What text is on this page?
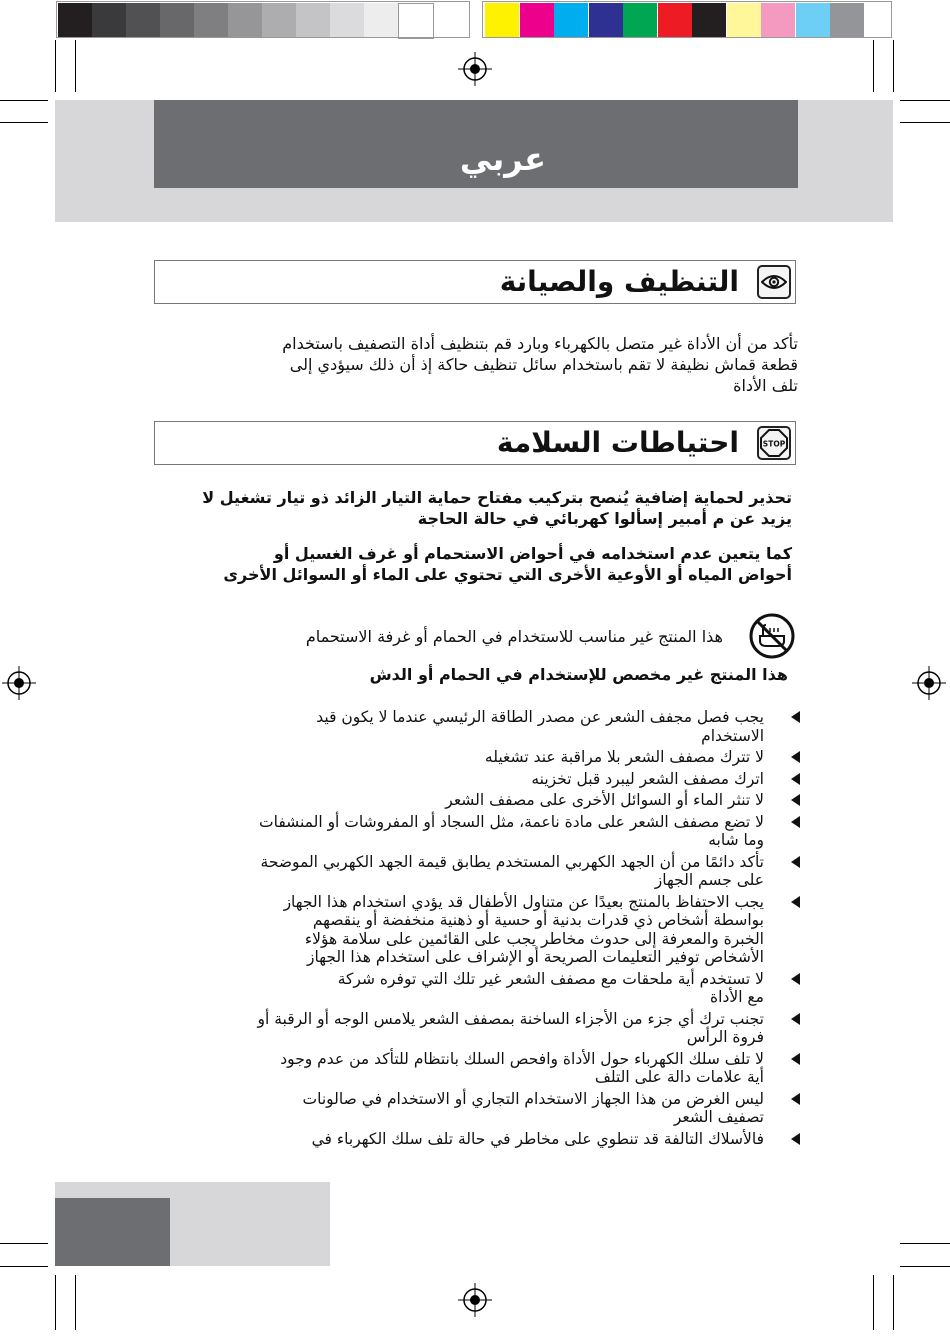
عربي
التنظيف والصيانة
تأكد من أن الأداة غير متصل بالكهرباء وبارد قم بتنظيف أداة التصفيف باستخدام
قطعة قماش نظيفة لا تقم باستخدام سائل تنظيف حاكة إذ أن ذلك سيؤدي إلى
تلف الأداة
STOP
احتياطات السلامة
تحذير لحماية إضافية يُنصح بتركيب مفتاح حماية التيار الزائد ذو تيار تشغيل لا
يزيد عن م أمبير إسألوا كهربائي في حالة الحاجة
كما يتعين عدم استخدامه في أحواض الاستحمام أو غرف الغسيل أو
أحواض المياه أو الأوعية الأخرى التي تحتوي على الماء أو السوائل الأخرى
هذا المنتج غير مناسب للاستخدام في الحمام أو غرفة الاستحمام
هذا المنتج غير مخصص للإستخدام في الحمام أو الدش
يجب فصل مجفف الشعر عن مصدر الطاقة الرئيسي عندما لا يكون قيد
الاستخدام
لا تترك مصفف الشعر بلا مراقبة عند تشغيله
اترك مصفف الشعر ليبرد قبل تخزينه
لا تنثر الماء أو السوائل الأخرى على مصفف الشعر
لا تضع مصفف الشعر على مادة ناعمة، مثل السجاد أو المفروشات أو المنشفات
وما شابه
تأكد دائمًا من أن الجهد الكهربي المستخدم يطابق قيمة الجهد الكهربي الموضحة
على جسم الجهاز
يجب الاحتفاظ بالمنتج بعيدًا عن متناول الأطفال قد يؤدي استخدام هذا الجهاز
بواسطة أشخاص ذي قدرات بدنية أو حسية أو ذهنية منخفضة أو ينقصهم
الخبرة والمعرفة إلى حدوث مخاطر يجب على القائمين على سلامة هؤلاء
الأشخاص توفير التعليمات الصريحة أو الإشراف على استخدام هذا الجهاز
لا تستخدم أية ملحقات مع مصفف الشعر غير تلك التي توفره شركة
مع الأداة
تجنب ترك أي جزء من الأجزاء الساخنة بمصفف الشعر يلامس الوجه أو الرقبة أو
فروة الرأس
لا تلف سلك الكهرباء حول الأداة وافحص السلك بانتظام للتأكد من عدم وجود
أية علامات دالة على التلف
ليس الغرض من هذا الجهاز الاستخدام التجاري أو الاستخدام في صالونات
تصفيف الشعر
فالأسلاك التالفة قد تنطوي على مخاطر في حالة تلف سلك الكهرباء في
